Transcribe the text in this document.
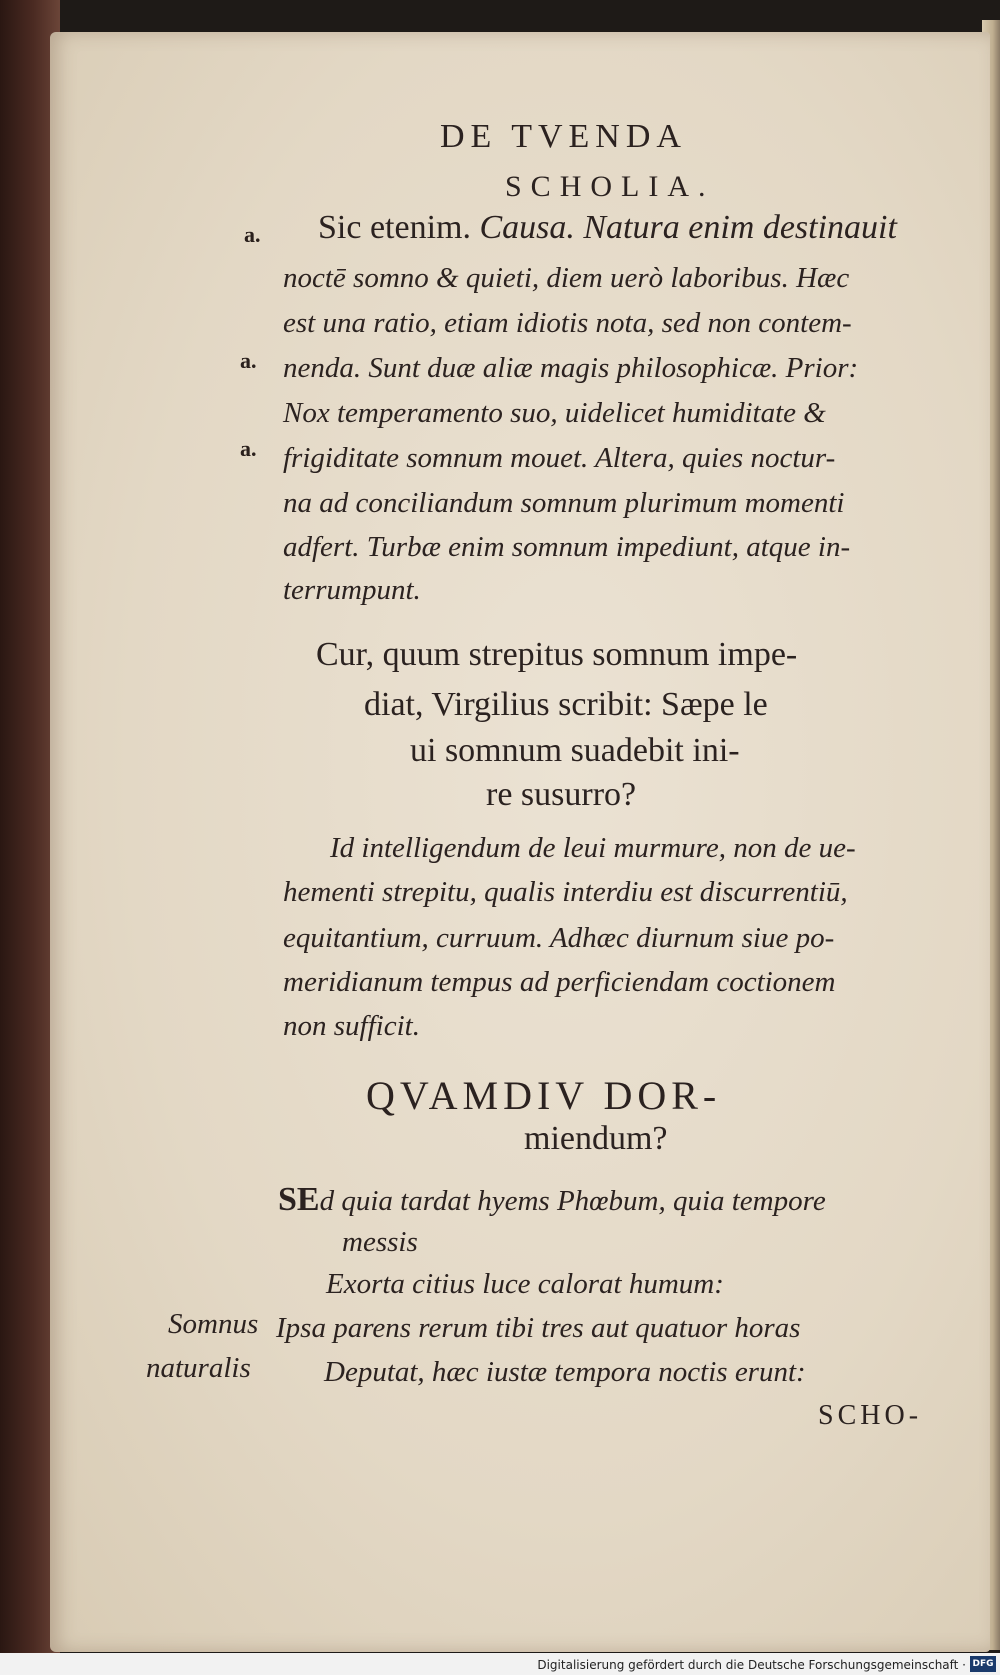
DE TVENDA
SCHOLIA.
a.
a.
a.
Sic etenim. Causa. Natura enim destinauit
noctē somno & quieti, diem uerò laboribus. Hæc
est una ratio, etiam idiotis nota, sed non contem-
nenda. Sunt duæ aliæ magis philosophicæ. Prior:
Nox temperamento suo, uidelicet humiditate &
frigiditate somnum mouet. Altera, quies noctur-
na ad conciliandum somnum plurimum momenti
adfert. Turbæ enim somnum impediunt, atque in-
terrumpunt.
Cur, quum strepitus somnum impe-
diat, Virgilius scribit: Sæpe le
ui somnum suadebit ini-
re susurro?
Id intelligendum de leui murmure, non de ue-
hementi strepitu, qualis interdiu est discurrentiū,
equitantium, curruum. Adhæc diurnum siue po-
meridianum tempus ad perficiendam coctionem
non sufficit.
QVAMDIV DOR-
miendum?
SEd quia tardat hyems Phœbum, quia tempore
messis
Exorta citius luce calorat humum:
Ipsa parens rerum tibi tres aut quatuor horas
Deputat, hæc iustæ tempora noctis erunt:
Somnus
naturalis
SCHO-
Digitalisierung gefördert durch die Deutsche Forschungsgemeinschaft · DFG
